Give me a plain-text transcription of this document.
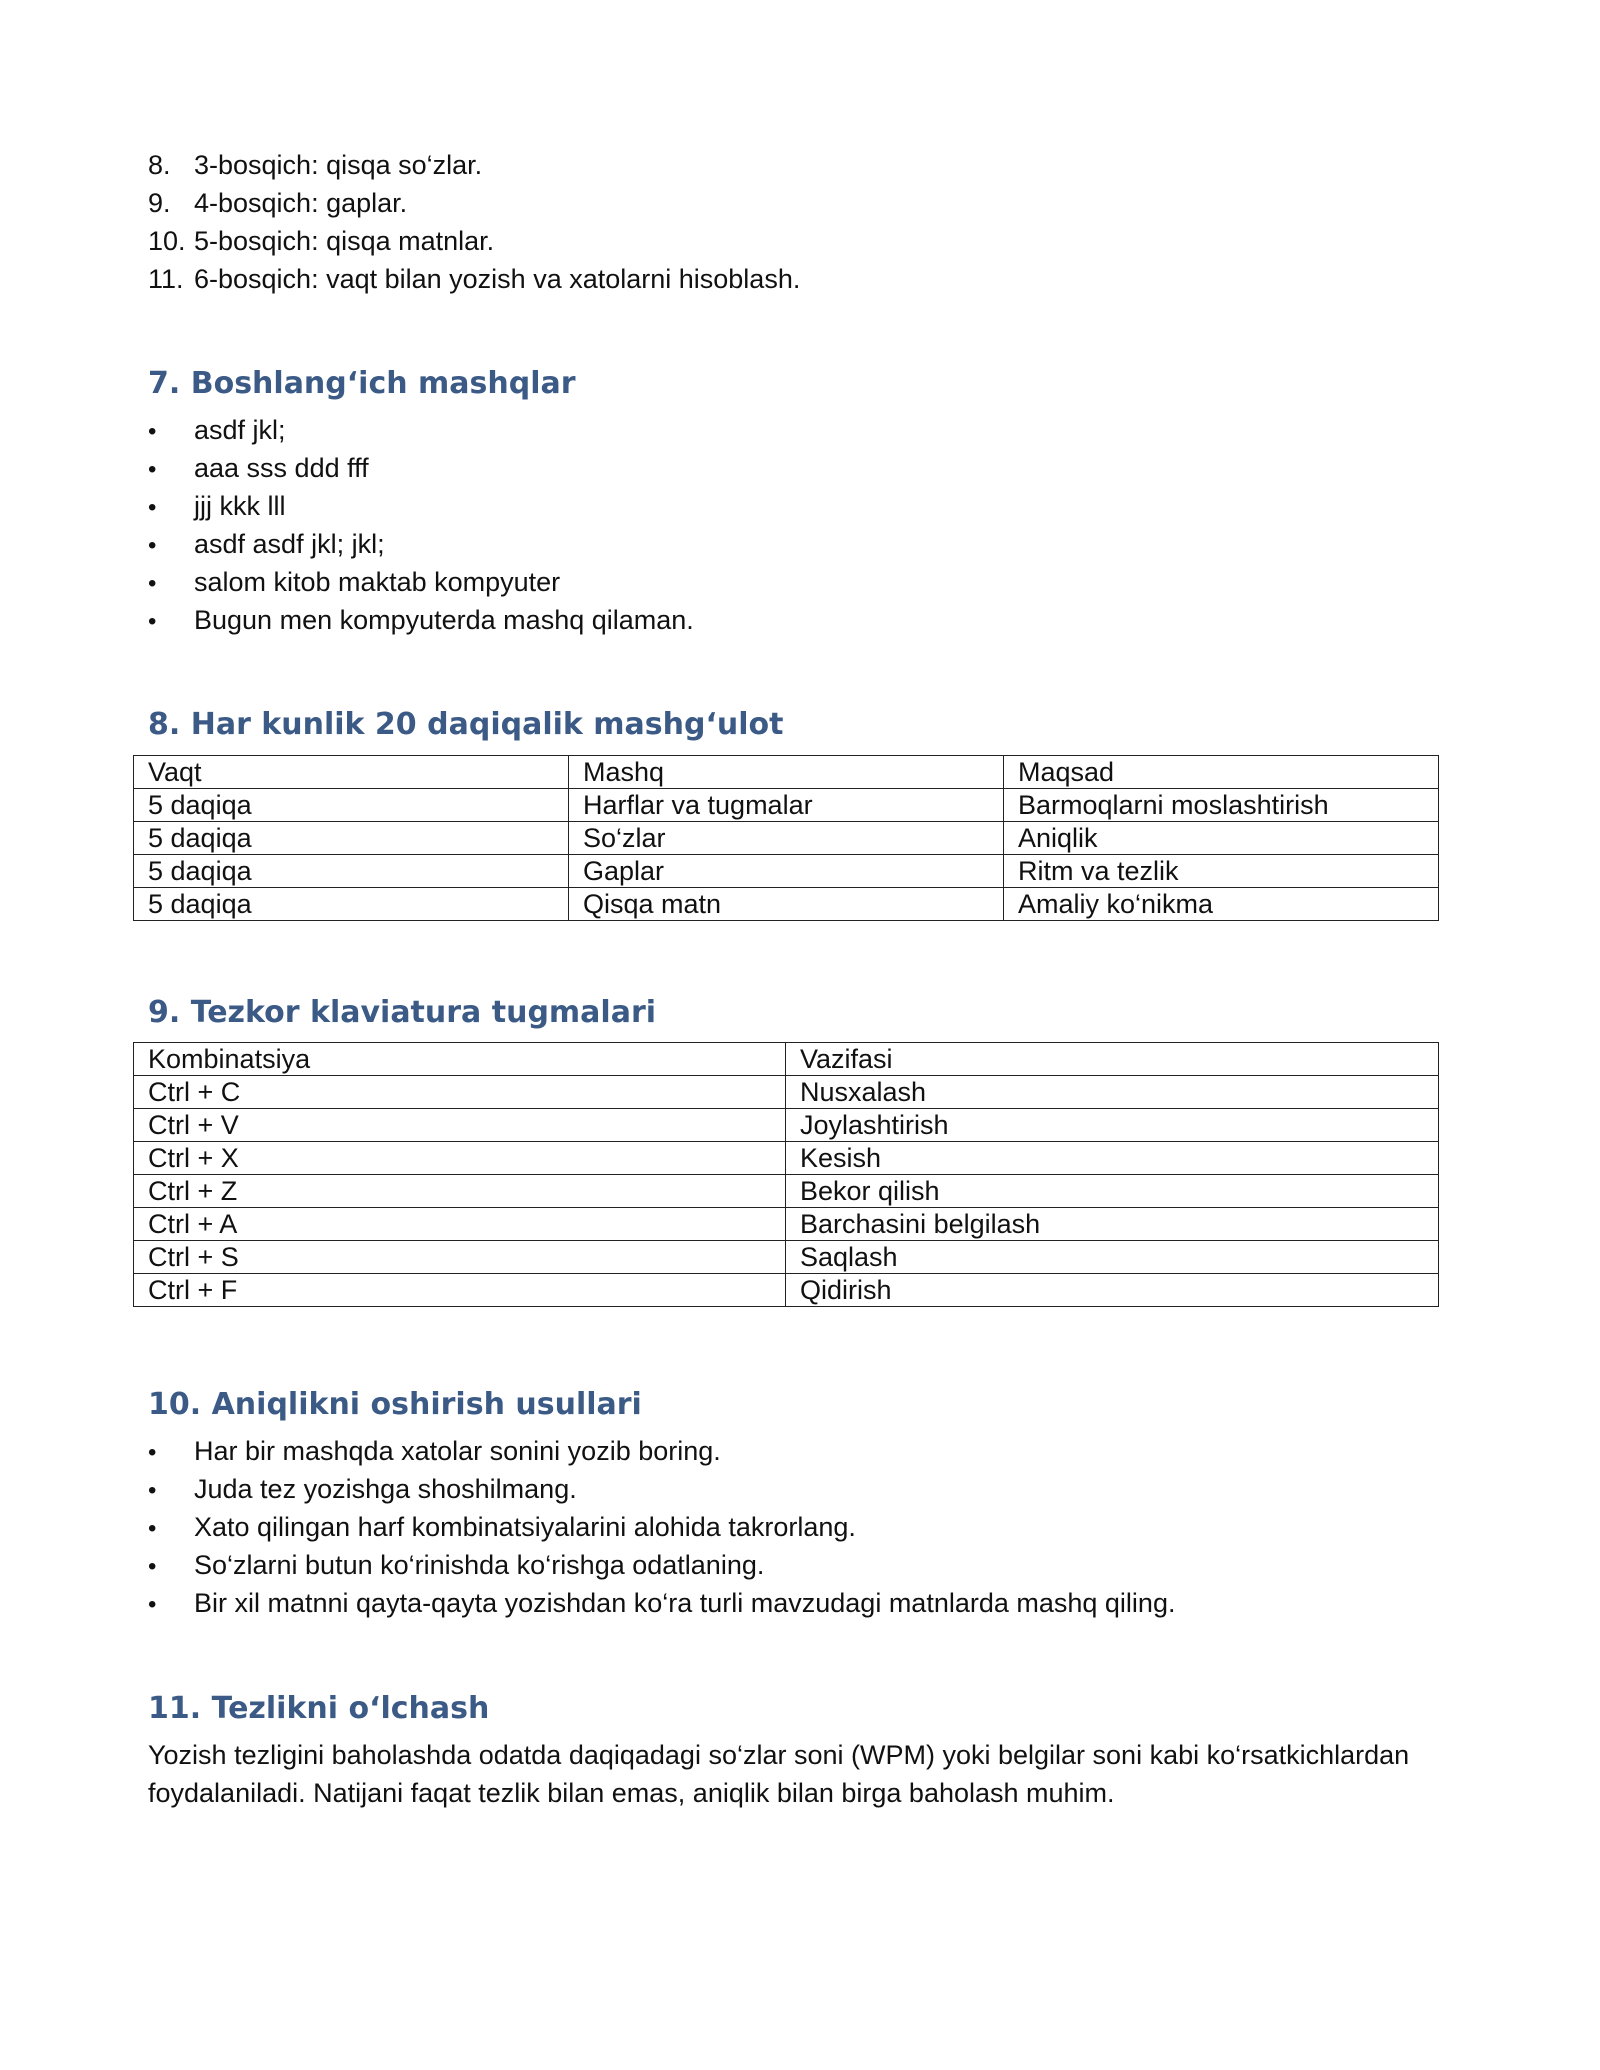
8. 3-bosqich: qisqa so‘zlar.
9. 4-bosqich: gaplar.
10. 5-bosqich: qisqa matnlar.
11. 6-bosqich: vaqt bilan yozish va xatolarni hisoblash.
7. Boshlang‘ich mashqlar
• asdf jkl;
• aaa sss ddd fff
• jjj kkk lll
• asdf asdf jkl; jkl;
• salom kitob maktab kompyuter
• Bugun men kompyuterda mashq qilaman.
8. Har kunlik 20 daqiqalik mashg‘ulot
Vaqt	Mashq	Maqsad
5 daqiqa	Harflar va tugmalar	Barmoqlarni moslashtirish
5 daqiqa	So‘zlar	Aniqlik
5 daqiqa	Gaplar	Ritm va tezlik
5 daqiqa	Qisqa matn	Amaliy ko‘nikma
9. Tezkor klaviatura tugmalari
Kombinatsiya	Vazifasi
Ctrl + C	Nusxalash
Ctrl + V	Joylashtirish
Ctrl + X	Kesish
Ctrl + Z	Bekor qilish
Ctrl + A	Barchasini belgilash
Ctrl + S	Saqlash
Ctrl + F	Qidirish
10. Aniqlikni oshirish usullari
• Har bir mashqda xatolar sonini yozib boring.
• Juda tez yozishga shoshilmang.
• Xato qilingan harf kombinatsiyalarini alohida takrorlang.
• So‘zlarni butun ko‘rinishda ko‘rishga odatlaning.
• Bir xil matnni qayta-qayta yozishdan ko‘ra turli mavzudagi matnlarda mashq qiling.
11. Tezlikni o‘lchash

Yozish tezligini baholashda odatda daqiqadagi so‘zlar soni (WPM) yoki belgilar soni kabi ko‘rsatkichlardan foydalaniladi. Natijani faqat tezlik bilan emas, aniqlik bilan birga baholash muhim.
